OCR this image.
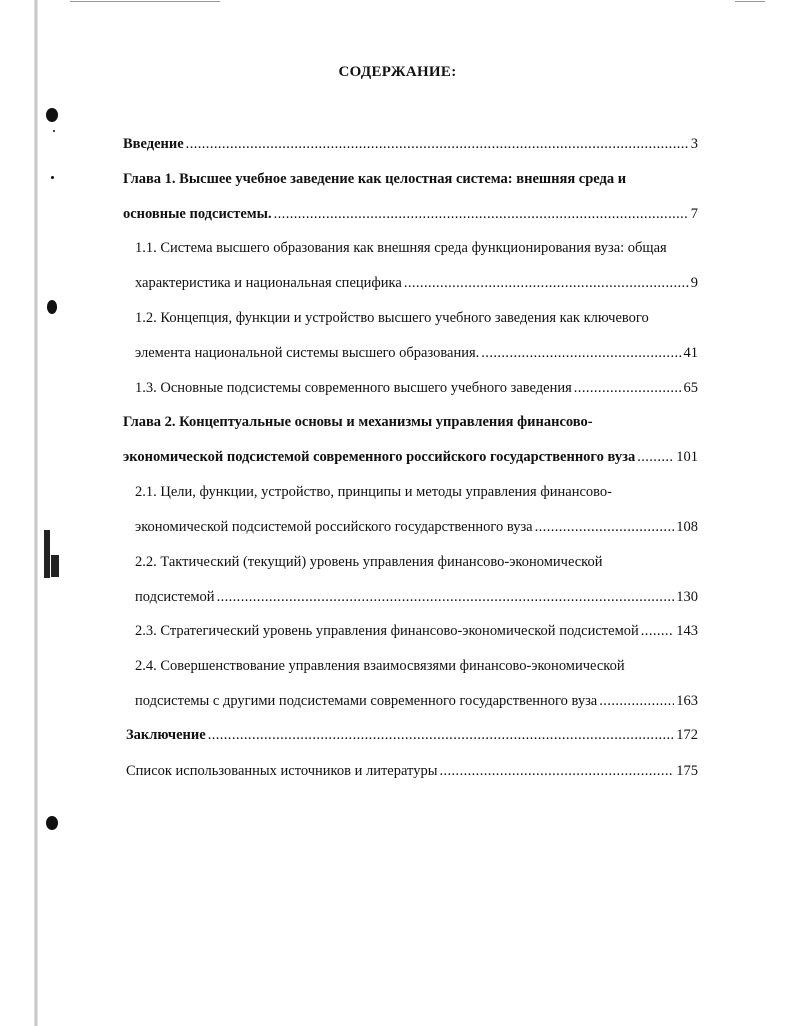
СОДЕРЖАНИЕ:
Введение .....	3
Глава 1. Высшее учебное заведение как целостная система: внешняя среда и
основные подсистемы. .....	7
1.1. Система высшего образования как внешняя среда функционирования вуза: общая
характеристика и национальная специфика .....	9
1.2. Концепция, функции и устройство высшего учебного заведения как ключевого
элемента национальной системы высшего образования. .....	41
1.3. Основные подсистемы современного высшего учебного заведения .....	65
Глава 2. Концептуальные основы и механизмы управления финансово-
экономической подсистемой современного российского государственного вуза .....	101
2.1. Цели, функции, устройство, принципы и методы управления финансово-
экономической подсистемой российского государственного вуза .....	108
2.2. Тактический (текущий) уровень управления финансово-экономической
подсистемой .....	130
2.3. Стратегический уровень управления финансово-экономической подсистемой .....	143
2.4. Совершенствование управления взаимосвязями финансово-экономической
подсистемы с другими подсистемами современного государственного вуза .....	163
Заключение .....	172
Список использованных источников и литературы .....	175
